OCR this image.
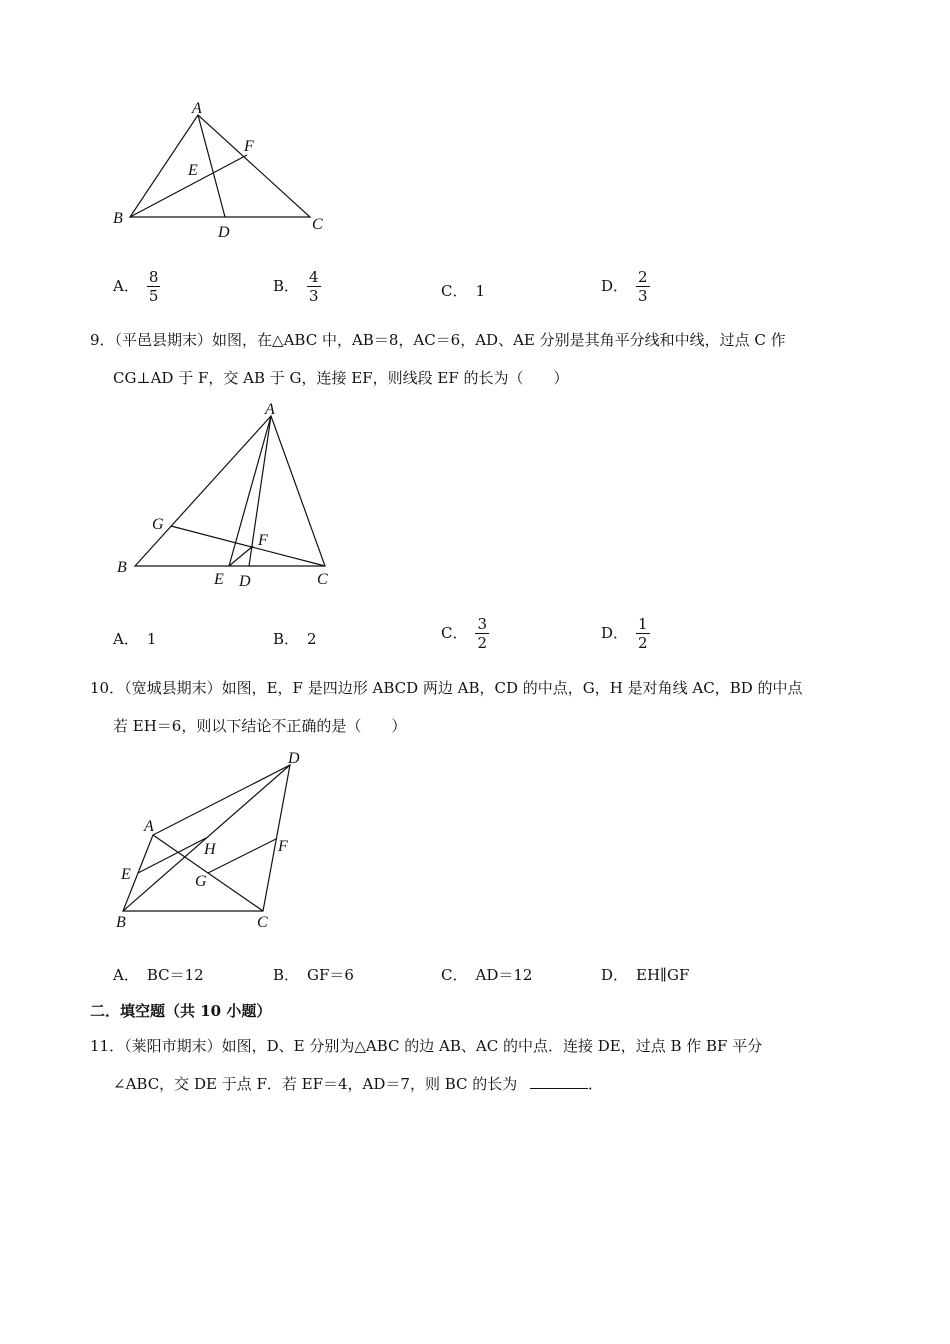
A
F
E
B
D	C
A． $\frac{8}{5}$	B． $\frac{4}{3}$	C． 1	D． $\frac{2}{3}$
9．（平邑县期末）如图，在△ABC 中，AB＝8，AC＝6，AD、AE 分别是其角平分线和中线，过点 C 作
CG⊥AD 于 F，交 AB 于 G，连接 EF，则线段 EF 的长为（　　）
A
G
F
B
E D	C
A． 1	B． 2	C． $\frac{3}{2}$	D． $\frac{1}{2}$
10．（宽城县期末）如图，E，F 是四边形 ABCD 两边 AB，CD 的中点，G，H 是对角线 AC，BD 的中点
若 EH＝6，则以下结论不正确的是（　　）
D
A
H	F
E	G
B	C
A． BC＝12	B． GF＝6	C． AD＝12	D． EH∥GF
二．填空题（共 10 小题）
11．（莱阳市期末）如图，D、E 分别为△ABC 的边 AB、AC 的中点．连接 DE，过点 B 作 BF 平分
∠ABC，交 DE 于点 F．若 EF＝4，AD＝7，则 BC 的长为	．
